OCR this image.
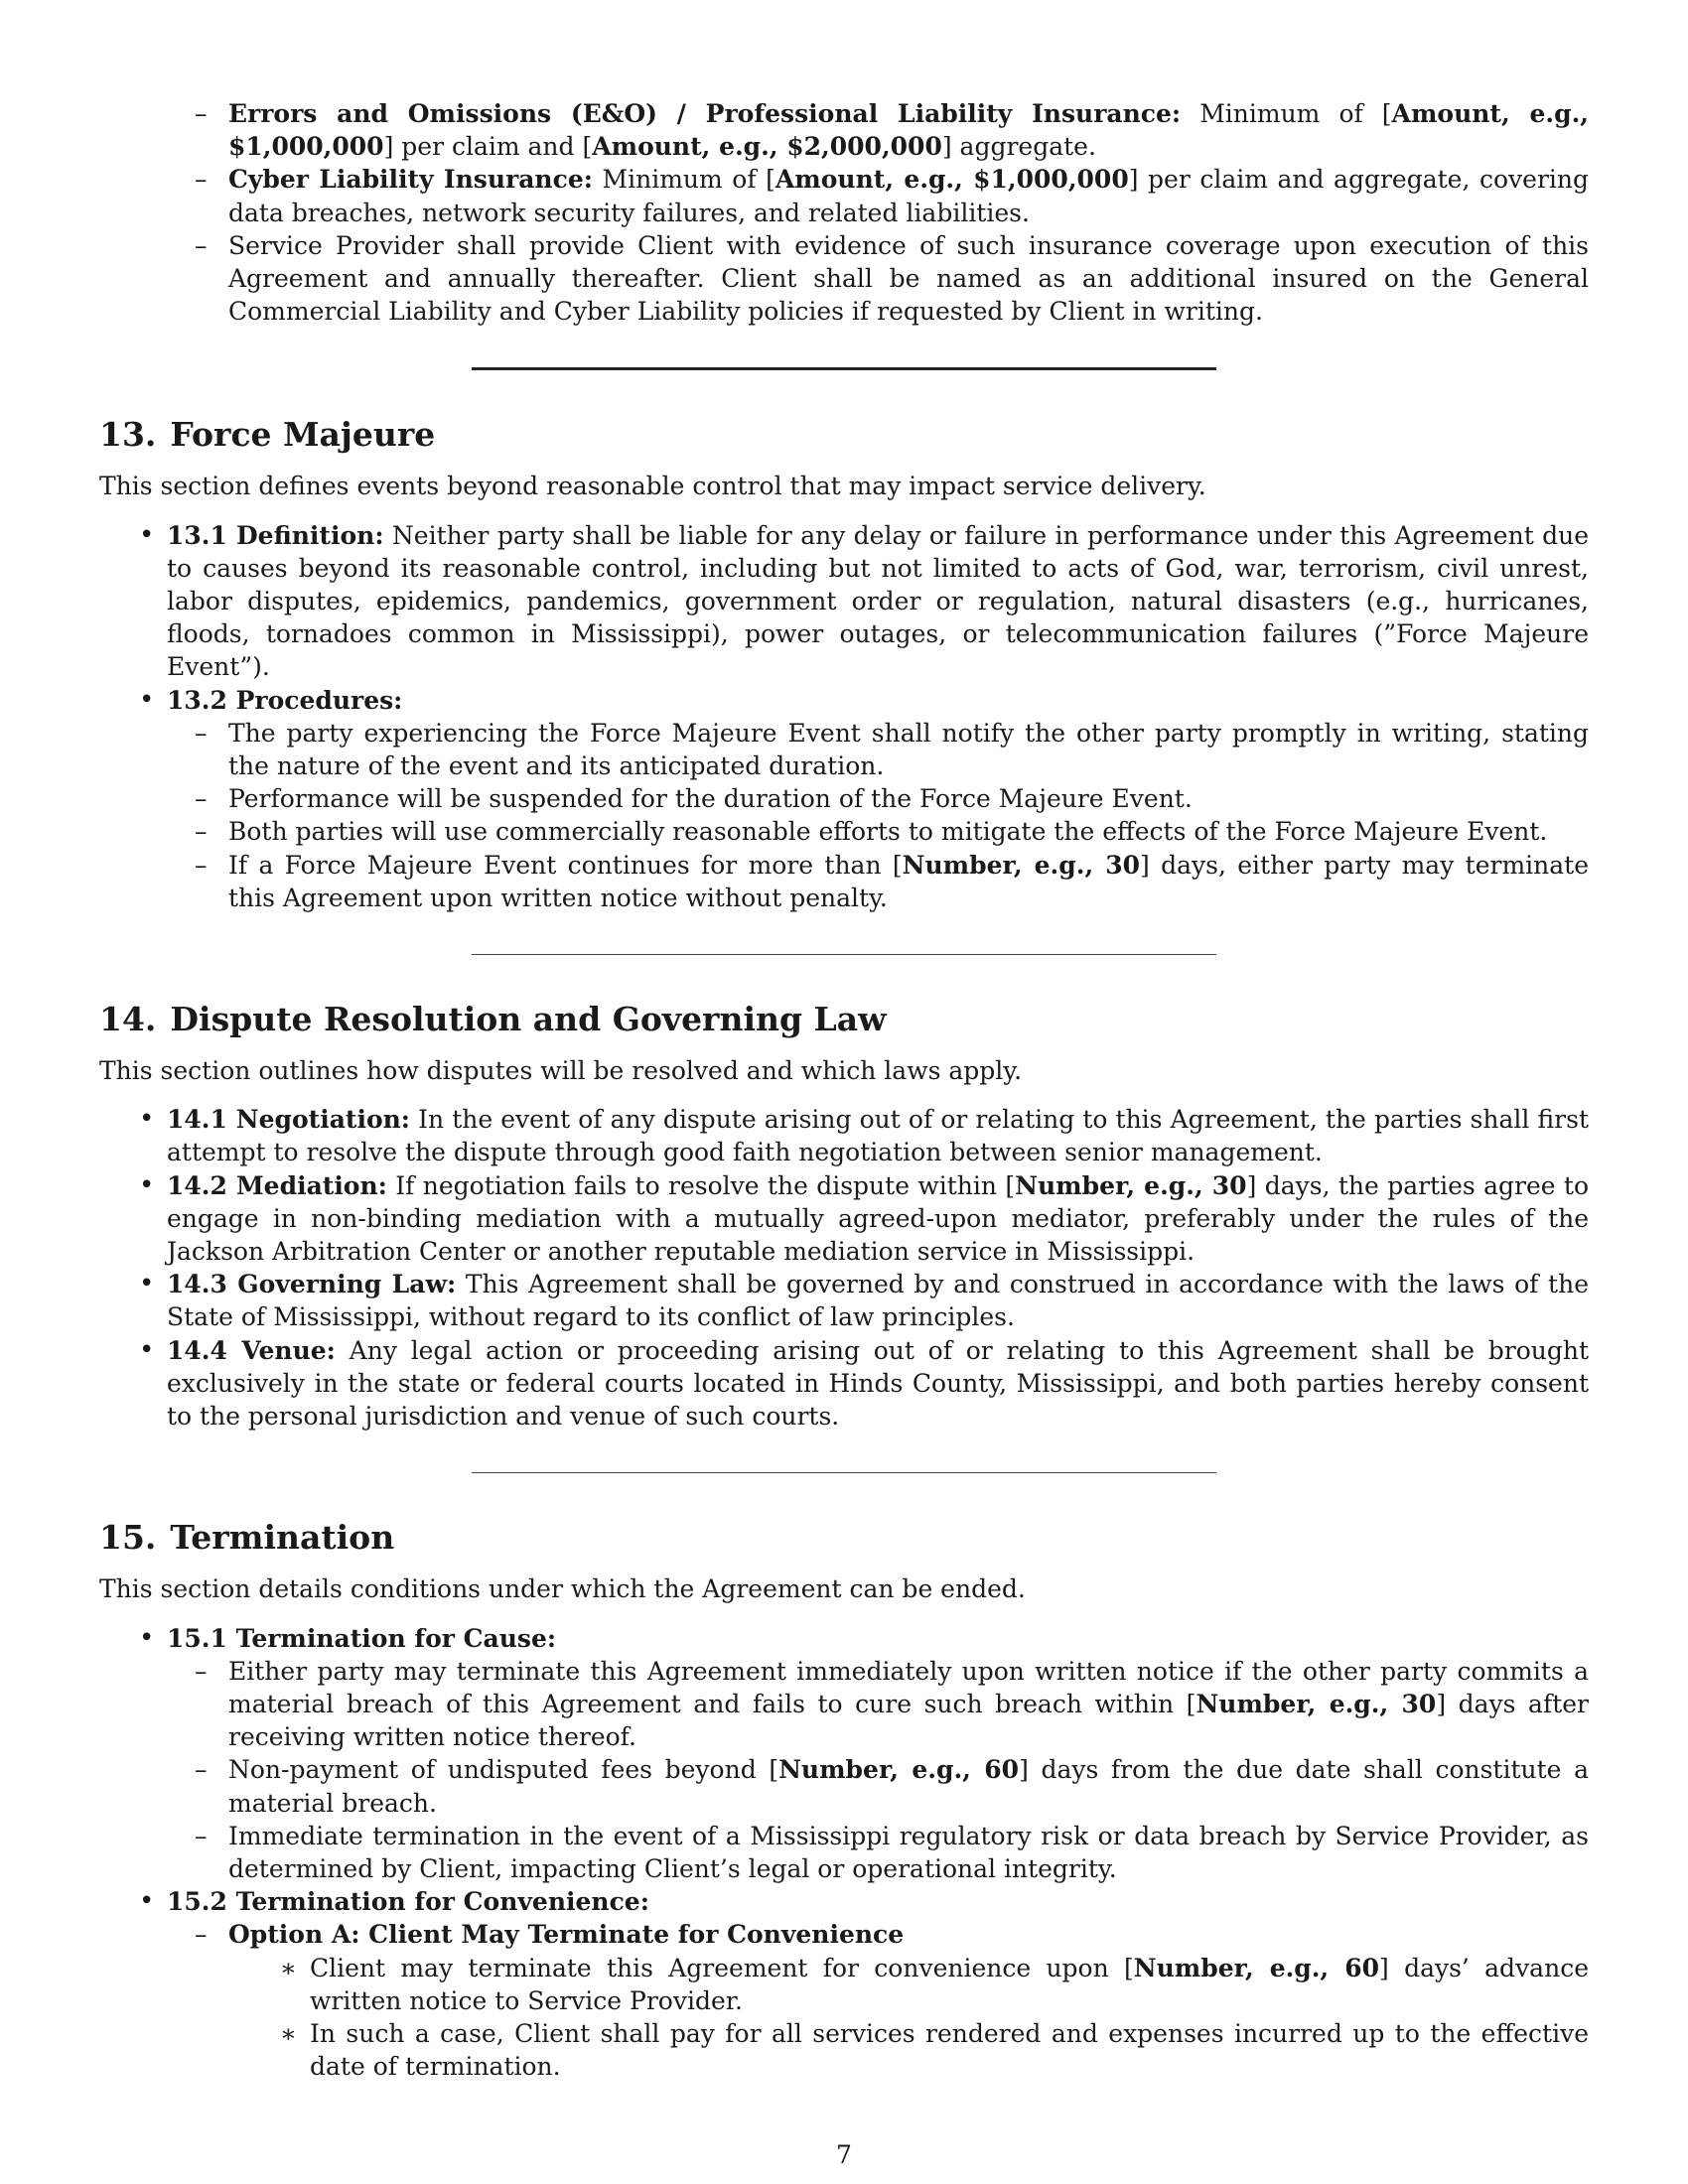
– Errors and Omissions (E&O) / Professional Liability Insurance: Minimum of [Amount, e.g., $1,000,000] per claim and [Amount, e.g., $2,000,000] aggregate.
– Cyber Liability Insurance: Minimum of [Amount, e.g., $1,000,000] per claim and aggregate, covering data breaches, network security failures, and related liabilities.
– Service Provider shall provide Client with evidence of such insurance coverage upon execution of this Agreement and annually thereafter. Client shall be named as an additional insured on the General Commercial Liability and Cyber Liability policies if requested by Client in writing.
13. Force Majeure

This section defines events beyond reasonable control that may impact service delivery.

• 13.1 Definition: Neither party shall be liable for any delay or failure in performance under this Agreement due to causes beyond its reasonable control, including but not limited to acts of God, war, terrorism, civil unrest, labor disputes, epidemics, pandemics, government order or regulation, natural disasters (e.g., hurricanes, floods, tornadoes common in Mississippi), power outages, or telecommunication failures (”Force Majeure Event”).
• 13.2 Procedures:
– The party experiencing the Force Majeure Event shall notify the other party promptly in writing, stating the nature of the event and its anticipated duration.
– Performance will be suspended for the duration of the Force Majeure Event.
– Both parties will use commercially reasonable efforts to mitigate the effects of the Force Majeure Event.
– If a Force Majeure Event continues for more than [Number, e.g., 30] days, either party may terminate this Agreement upon written notice without penalty.
14. Dispute Resolution and Governing Law

This section outlines how disputes will be resolved and which laws apply.

• 14.1 Negotiation: In the event of any dispute arising out of or relating to this Agreement, the parties shall first attempt to resolve the dispute through good faith negotiation between senior management.
• 14.2 Mediation: If negotiation fails to resolve the dispute within [Number, e.g., 30] days, the parties agree to engage in non-binding mediation with a mutually agreed-upon mediator, preferably under the rules of the Jackson Arbitration Center or another reputable mediation service in Mississippi.
• 14.3 Governing Law: This Agreement shall be governed by and construed in accordance with the laws of the State of Mississippi, without regard to its conflict of law principles.
• 14.4 Venue: Any legal action or proceeding arising out of or relating to this Agreement shall be brought exclusively in the state or federal courts located in Hinds County, Mississippi, and both parties hereby consent to the personal jurisdiction and venue of such courts.
15. Termination

This section details conditions under which the Agreement can be ended.

• 15.1 Termination for Cause:
– Either party may terminate this Agreement immediately upon written notice if the other party commits a material breach of this Agreement and fails to cure such breach within [Number, e.g., 30] days after receiving written notice thereof.
– Non-payment of undisputed fees beyond [Number, e.g., 60] days from the due date shall constitute a material breach.
– Immediate termination in the event of a Mississippi regulatory risk or data breach by Service Provider, as determined by Client, impacting Client’s legal or operational integrity.
• 15.2 Termination for Convenience:
– Option A: Client May Terminate for Convenience
∗ Client may terminate this Agreement for convenience upon [Number, e.g., 60] days’ advance written notice to Service Provider.
∗ In such a case, Client shall pay for all services rendered and expenses incurred up to the effective date of termination.
7
